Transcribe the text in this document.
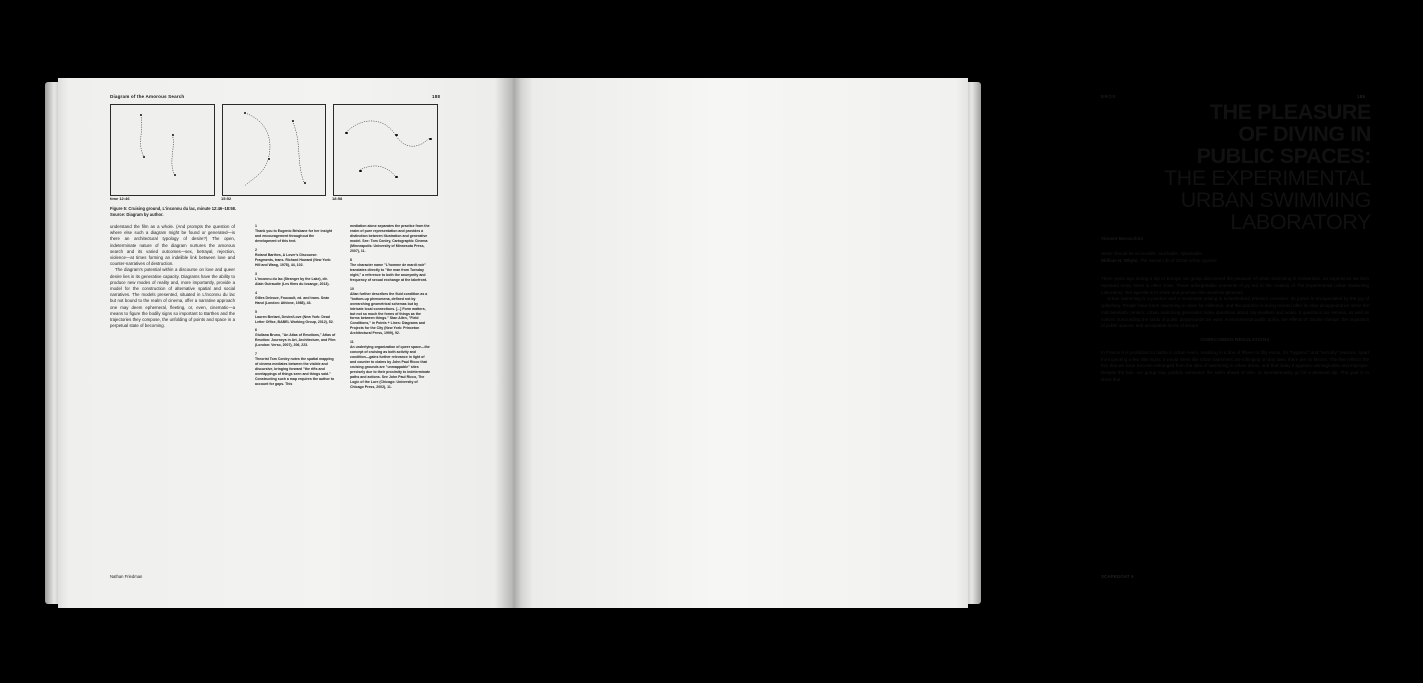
Diagram of the Amorous Search	188
time 12:46	15:52	18:58
Figure 5: Cruising ground, L'inconnu du lac, minute 12:46–18:58.
Source: Diagram by author.

understand the film as a whole. (And prompts the question of where else such a diagram might be found or generated—is there an architectural typology of desire?) The open, indeterminate nature of the diagram nurtures the amorous search and its varied outcomes—sex, betrayal, rejection, violence—at times forming an indelible link between love and counter-narratives of destruction.

The diagram's potential within a discourse on love and queer desire lies in its generative capacity. Diagrams have the ability to produce new modes of reality and, more importantly, provide a model for the construction of alternative spatial and social narratives. The models presented, situated in L'inconnu du lac but not bound to the realm of cinema, offer a narrative approach one may deem ephemeral, fleeting, or, even, cinematic—a means to figure the bodily signs so important to Barthes and the trajectories they compose, the unfolding of points and space in a perpetual state of becoming.

1
Thank you to Eugenio Brisbane for her insight and encouragement throughout the development of this text.
2
Roland Barthes, A Lover's Discourse: Fragments, trans. Richard Howard (New York: Hill and Wang, 1978), 44, 102.
3
L'inconnu du lac (Stranger by the Lake), dir. Alain Guiraudie (Les films du losange, 2013).
4
Gilles Deleuze, Foucault, ed. and trans. Seán Hand (London: Athlone, 1988), 43.
5
Lauren Berlant, Desire/Love (New York: Dead Letter Office, BABEL Working Group, 2012), 52.
6
Giuliana Bruno, "An Atlas of Emotions," Atlas of Emotion: Journeys in Art, Architecture, and Film (London: Verso, 2007), 206, 223.
7
Theorist Tom Conley notes the spatial mapping of cinema mediates between the visible and discursive, bringing forward "the rifts and overlappings of things seen and things said." Constructing such a map requires the author to account for gaps. This
mediation alone separates the practice from the realm of pure representation and provides a distinction between illustration and generative model. See: Tom Conley, Cartographic Cinema (Minneapolis: University of Minnesota Press, 2007), 11.
8
The character name "L'homme de mardi noir" translates directly to "the man from Tuesday night," a reference to both the anonymity and frequency of sexual exchange at the lakefront.
10
Allan further describes the fluid condition as a "bottom-up phenomena, defined not by overarching geometrical schemas but by intricate local connections. [...] Form matters, but not so much the forms of things as the forms between things." Stan Allen, "Field Conditions," in Points + Lines: Diagrams and Projects for the City (New York: Princeton Architectural Press, 1999), 92.
11
An underlying organization of queer space—the concept of cruising as both activity and condition—gains further relevance in light of and counter to claims by John Paul Ricco that cruising grounds are "unmappable" sites precisely due to their proximity to indeterminate paths and actions. See John Paul Ricco, The Logic of the Lure (Chicago: University of Chicago Press, 2002), 11.
Nathan Friedman
EROS	189
THE PLEASURE
OF DIVING IN
PUBLIC SPACES:
THE EXPERIMENTAL
URBAN SWIMMING
LABORATORY
Vincent Moracchini
Water should be accessible, touchable, splashable.
William H. Whyte, The Social Life of Small Urban Spaces

Three years ago during a trip to Europe our group discovered the pleasure of urban swimming in Amsterdam, an experience we then repeated many times in other cities. These unforgettable moments of joy led to the creation of The Experimental Urban Swimming Laboratory. Our agenda is to share and promote this universal pleasure.

Urban swimming is a practice and a movement arising in industrialized Western countries. Its power is encapsulated by the joy of splashing. People have been swimming in cities for millennia, and this practice is being revived after its slow disappearance since the mid-twentieth century. Urban swimming generates many questions about city-dwellers and water. It questions our senses, as well as notions surrounding the kinds of public playgrounds we want, environmental public policy, the effects of climate change, the regulation of public spaces, and acceptable forms of leisure.

OVERCOMING REGULATIONS

In France it is prohibited to bathe in urban rivers, resulting in a fine of fifteen to fifty euros, for "hygienic" and "security" reasons. Apart from ignoring a few little signs, it would seem like urban swimmers are infringing on any laws: there are no fences. The fine reflects the fact that we have become estranged from the idea of swimming in urban areas, and that today it appears unimaginable and improper. Despite the ban, our group may publicly announce the swim ahead of time, or spontaneously go for a pleasure dip. The goal is to show that

SCAPEGOAT 9
